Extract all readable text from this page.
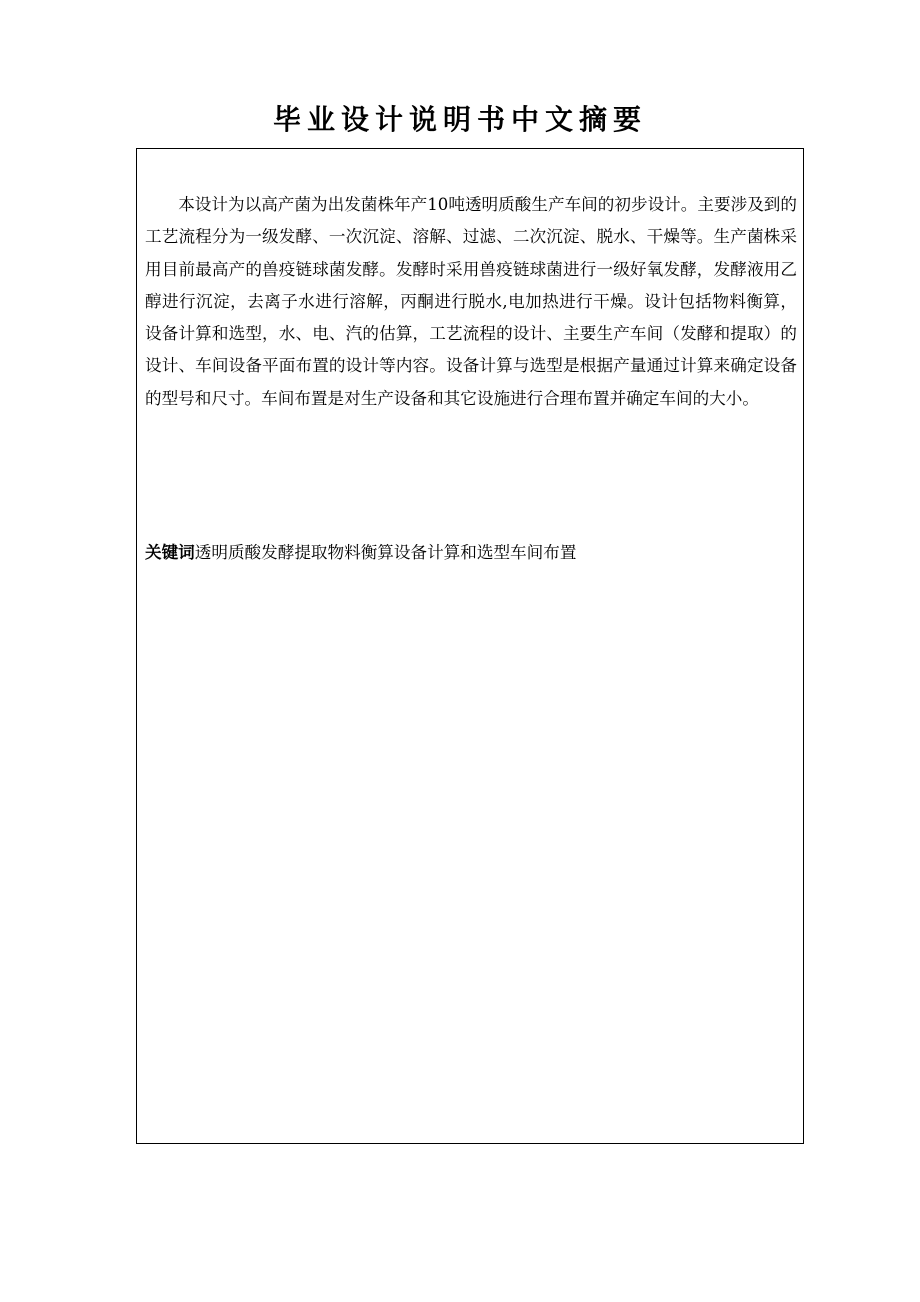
毕业设计说明书中文摘要

本设计为以高产菌为出发菌株年产10吨透明质酸生产车间的初步设计。主要涉及到的工艺流程分为一级发酵、一次沉淀、溶解、过滤、二次沉淀、脱水、干燥等。生产菌株采用目前最高产的兽疫链球菌发酵。发酵时采用兽疫链球菌进行一级好氧发酵，发酵液用乙醇进行沉淀，去离子水进行溶解，丙酮进行脱水,电加热进行干燥。设计包括物料衡算，设备计算和选型，水、电、汽的估算，工艺流程的设计、主要生产车间（发酵和提取）的设计、车间设备平面布置的设计等内容。设备计算与选型是根据产量通过计算来确定设备的型号和尺寸。车间布置是对生产设备和其它设施进行合理布置并确定车间的大小。

关键词透明质酸发酵提取物料衡算设备计算和选型车间布置
